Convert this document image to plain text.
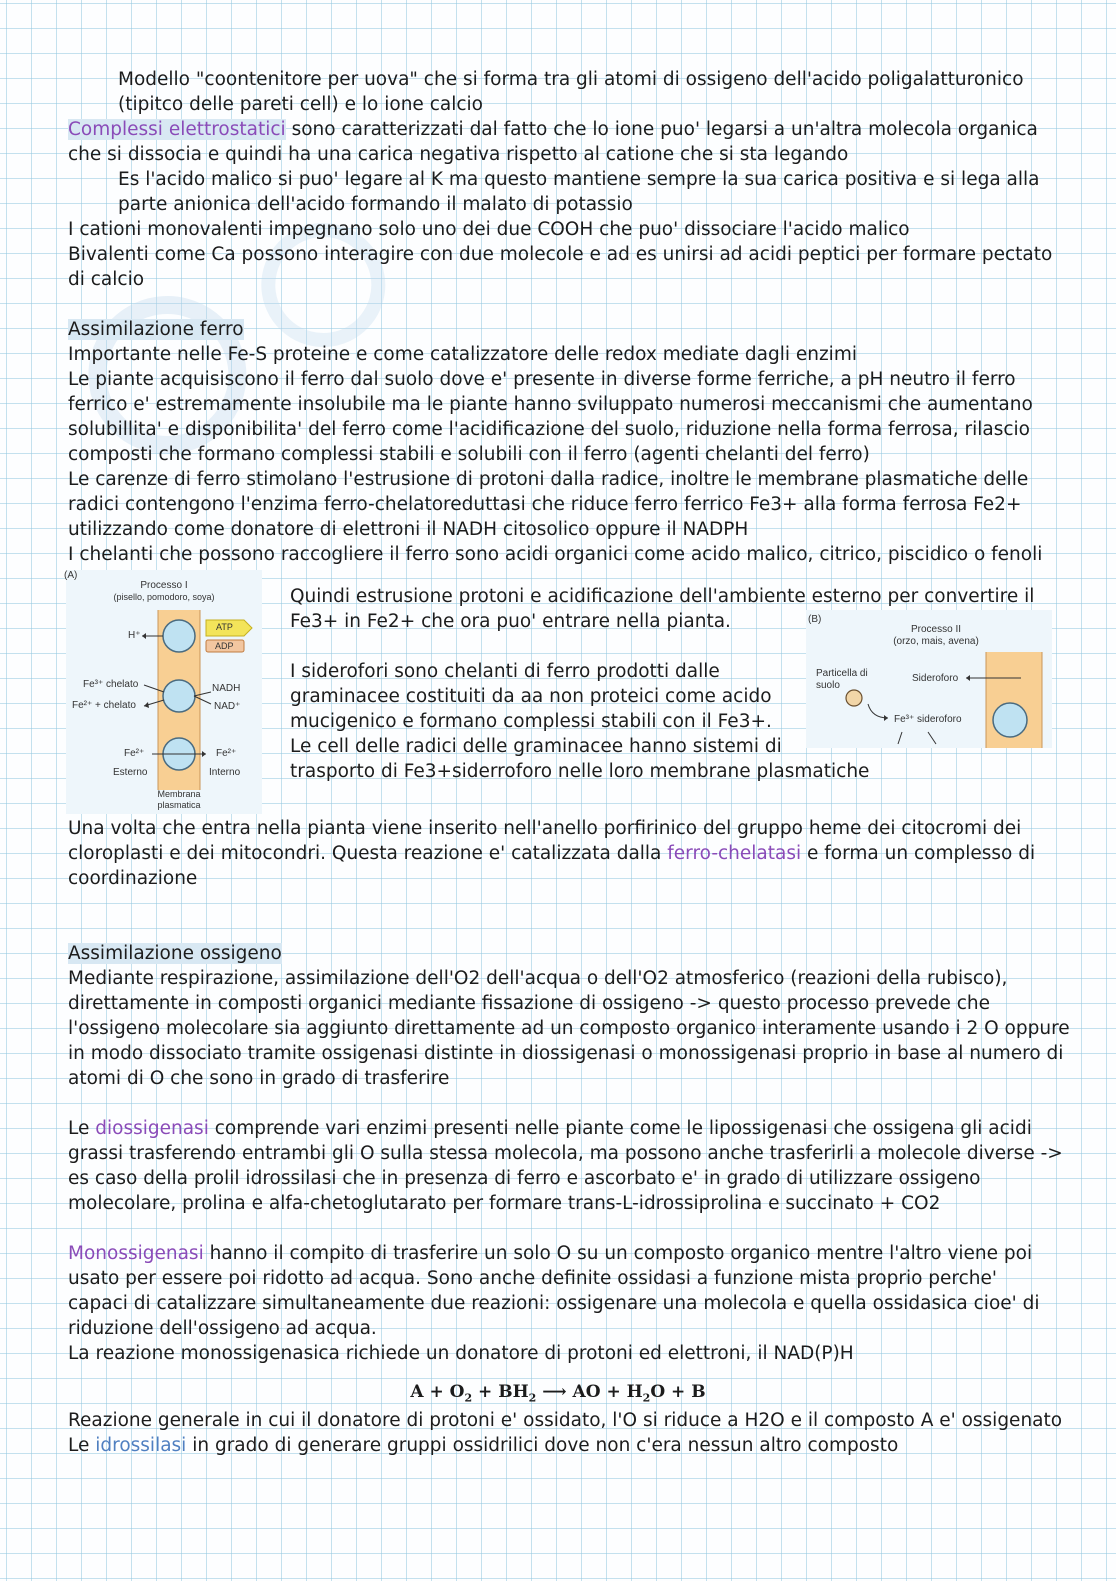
Modello "coontenitore per uova" che si forma tra gli atomi di ossigeno dell'acido poligalatturonico
(tipitco delle pareti cell) e lo ione calcio
Complessi elettrostatici sono caratterizzati dal fatto che lo ione puo' legarsi a un'altra molecola organica
che si dissocia e quindi ha una carica negativa rispetto al catione che si sta legando
Es l'acido malico si puo' legare al K ma questo mantiene sempre la sua carica positiva e si lega alla
parte anionica dell'acido formando il malato di potassio
I cationi monovalenti impegnano solo uno dei due COOH che puo' dissociare l'acido malico
Bivalenti come Ca possono interagire con due molecole e ad es unirsi ad acidi peptici per formare pectato
di calcio
Assimilazione ferro
Importante nelle Fe-S proteine e come catalizzatore delle redox mediate dagli enzimi
Le piante acquisiscono il ferro dal suolo dove e' presente in diverse forme ferriche, a pH neutro il ferro
ferrico e' estremamente insolubile ma le piante hanno sviluppato numerosi meccanismi che aumentano
solubillita' e disponibilita' del ferro come l'acidificazione del suolo, riduzione nella forma ferrosa, rilascio
composti che formano complessi stabili e solubili con il ferro (agenti chelanti del ferro)
Le carenze di ferro stimolano l'estrusione di protoni dalla radice, inoltre le membrane plasmatiche delle
radici contengono l'enzima ferro-chelatoreduttasi che riduce ferro ferrico Fe3+ alla forma ferrosa Fe2+
utilizzando come donatore di elettroni il NADH citosolico oppure il NADPH
I chelanti che possono raccogliere il ferro sono acidi organici come acido malico, citrico, piscidico o fenoli
(A)
Processo I
(pisello, pomodoro, soya)
H⁺
ATP
ADP
Fe³⁺ chelato
Fe²⁺ + chelato
NADH
NAD⁺
Fe²⁺	Fe²⁺
Esterno	Interno
Membrana
plasmatica
Quindi estrusione protoni e acidificazione dell'ambiente esterno per convertire il
Fe3+ in Fe2+ che ora puo' entrare nella pianta.
I siderofori sono chelanti di ferro prodotti dalle
graminacee costituiti da aa non proteici come acido
mucigenico e formano complessi stabili con il Fe3+.
Le cell delle radici delle graminacee hanno sistemi di
trasporto di Fe3+siderroforo nelle loro membrane plasmatiche
(B)
Processo II
(orzo, mais, avena)
Particella di
suolo
Sideroforo
Fe³⁺ sideroforo
Una volta che entra nella pianta viene inserito nell'anello porfirinico del gruppo heme dei citocromi dei
cloroplasti e dei mitocondri. Questa reazione e' catalizzata dalla ferro-chelatasi e forma un complesso di
coordinazione
Assimilazione ossigeno
Mediante respirazione, assimilazione dell'O2 dell'acqua o dell'O2 atmosferico (reazioni della rubisco),
direttamente in composti organici mediante fissazione di ossigeno -> questo processo prevede che
l'ossigeno molecolare sia aggiunto direttamente ad un composto organico interamente usando i 2 O oppure
in modo dissociato tramite ossigenasi distinte in diossigenasi o monossigenasi proprio in base al numero di
atomi di O che sono in grado di trasferire
Le diossigenasi comprende vari enzimi presenti nelle piante come le lipossigenasi che ossigena gli acidi
grassi trasferendo entrambi gli O sulla stessa molecola, ma possono anche trasferirli a molecole diverse ->
es caso della prolil idrossilasi che in presenza di ferro e ascorbato e' in grado di utilizzare ossigeno
molecolare, prolina e alfa-chetoglutarato per formare trans-L-idrossiprolina e succinato + CO2
Monossigenasi hanno il compito di trasferire un solo O su un composto organico mentre l'altro viene poi
usato per essere poi ridotto ad acqua. Sono anche definite ossidasi a funzione mista proprio perche'
capaci di catalizzare simultaneamente due reazioni: ossigenare una molecola e quella ossidasica cioe' di
riduzione dell'ossigeno ad acqua.
La reazione monossigenasica richiede un donatore di protoni ed elettroni, il NAD(P)H
$A + O_2 + BH_2$ ⟶ AO + $H_2O + B$
Reazione generale in cui il donatore di protoni e' ossidato, l'O si riduce a H2O e il composto A e' ossigenato
Le idrossilasi in grado di generare gruppi ossidrilici dove non c'era nessun altro composto
